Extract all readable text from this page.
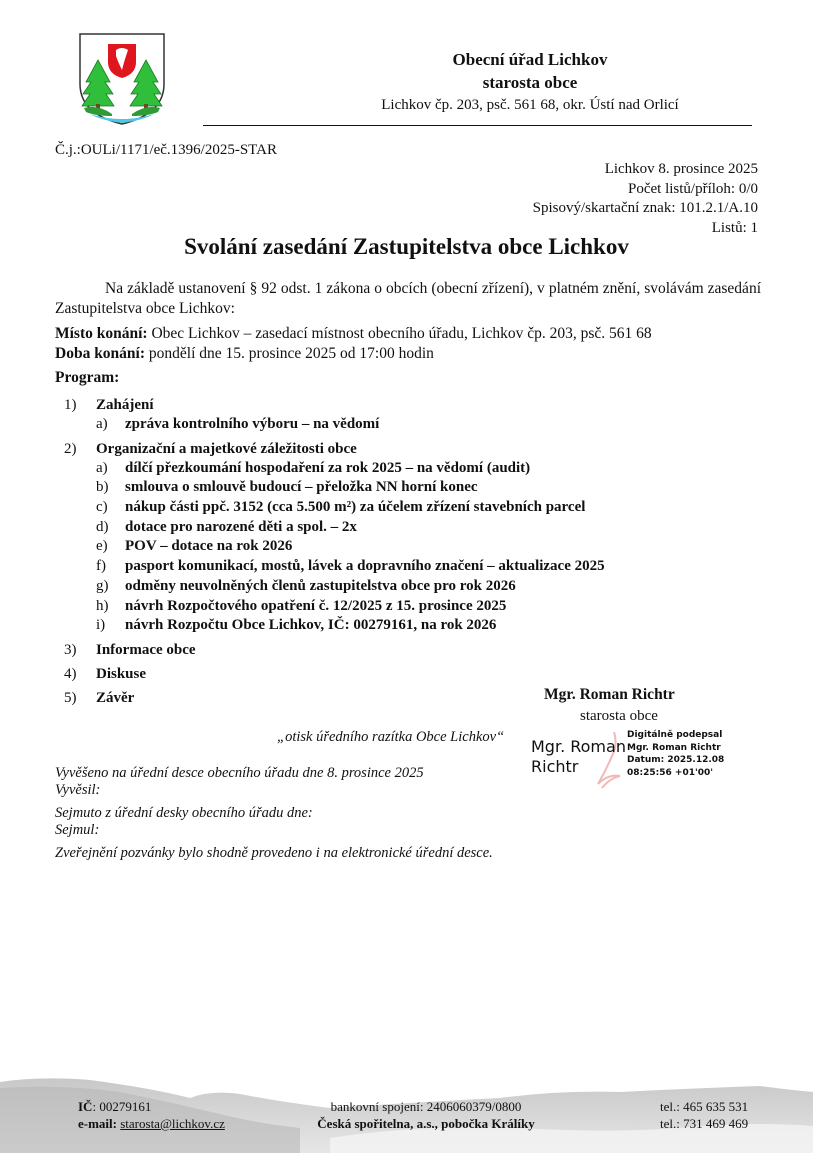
Obecní úřad Lichkov
starosta obce
Lichkov čp. 203, psč. 561 68, okr. Ústí nad Orlicí
Č.j.:OULi/1171/eč.1396/2025-STAR
Lichkov 8. prosince 2025
Počet listů/příloh: 0/0
Spisový/skartační znak: 101.2.1/A.10
Listů: 1
Svolání zasedání Zastupitelstva obce Lichkov
Na základě ustanovení § 92 odst. 1 zákona o obcích (obecní zřízení), v platném znění, svolávám zasedání Zastupitelstva obce Lichkov:
Místo konání: Obec Lichkov – zasedací místnost obecního úřadu, Lichkov čp. 203, psč. 561 68
Doba konání: pondělí dne 15. prosince 2025 od 17:00 hodin
Program:
1) Zahájení
a) zpráva kontrolního výboru – na vědomí
2) Organizační a majetkové záležitosti obce
a) dílčí přezkoumání hospodaření za rok 2025 – na vědomí (audit)
b) smlouva o smlouvě budoucí – přeložka NN horní konec
c) nákup části ppč. 3152 (cca 5.500 m²) za účelem zřízení stavebních parcel
d) dotace pro narozené děti a spol. – 2x
e) POV – dotace na rok 2026
f) pasport komunikací, mostů, lávek a dopravního značení – aktualizace 2025
g) odměny neuvolněných členů zastupitelstva obce pro rok 2026
h) návrh Rozpočtového opatření č. 12/2025 z 15. prosince 2025
i) návrh Rozpočtu Obce Lichkov, IČ: 00279161, na rok 2026
3) Informace obce
4) Diskuse
5) Závěr	Mgr. Roman Richtr
starosta obce
„otisk úředního razítka Obce Lichkov“ Mgr. Roman
Richtr
Digitálně podepsal
Mgr. Roman Richtr
Datum: 2025.12.08
08:25:56 +01'00'
Vyvěšeno na úřední desce obecního úřadu dne 8. prosince 2025
Vyvěsil:
Sejmuto z úřední desky obecního úřadu dne:
Sejmul:
Zveřejnění pozvánky bylo shodně provedeno i na elektronické úřední desce.
IČ: 00279161
e-mail: starosta@lichkov.cz
bankovní spojení: 2406060379/0800
Česká spořitelna, a.s., pobočka Králíky
tel.: 465 635 531
tel.: 731 469 469
